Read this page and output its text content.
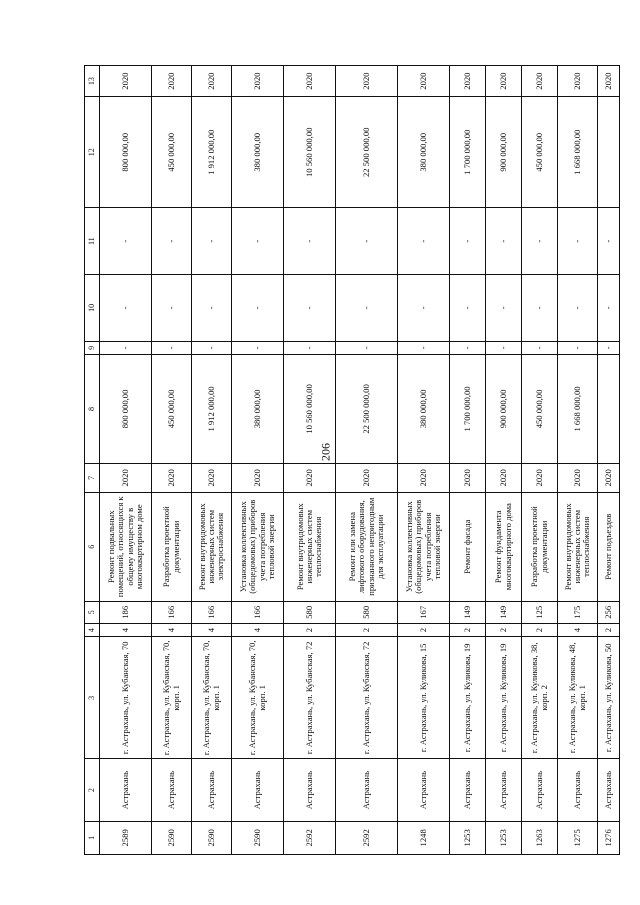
206
1	2	3	4	5	6	7	8	9	10	11	12	13
2589	Астрахань	г. Астрахань, ул. Кубанская, 70	4	186	Ремонт подвальных помещений, относящихся к общему имуществу в многоквартирном доме	2020	800 000,00	-	-	-	800 000,00	2020
2590	Астрахань	г. Астрахань, ул. Кубанская, 70, корп. 1	4	166	Разработка проектной документации	2020	450 000,00	-	-	-	450 000,00	2020
2590	Астрахань	г. Астрахань, ул. Кубанская, 70, корп. 1	4	166	Ремонт внутридомовых инженерных систем электроснабжения	2020	1 912 000,00	-	-	-	1 912 000,00	2020
2590	Астрахань	г. Астрахань, ул. Кубанская, 70, корп. 1	4	166	Установка коллективных (общедомовых) приборов учета потребления тепловой энергии	2020	380 000,00	-	-	-	380 000,00	2020
2592	Астрахань	г. Астрахань, ул. Кубанская, 72	2	580	Ремонт внутридомовых инженерных систем теплоснабжения	2020	10 560 000,00	-	-	-	10 560 000,00	2020
2592	Астрахань	г. Астрахань, ул. Кубанская, 72	2	580	Ремонт или замена лифтового оборудования, признанного непригодным для эксплуатации	2020	22 500 000,00	-	-	-	22 500 000,00	2020
1248	Астрахань	г. Астрахань, ул. Куликова, 15	2	167	Установка коллективных (общедомовых) приборов учета потребления тепловой энергии	2020	380 000,00	-	-	-	380 000,00	2020
1253	Астрахань	г. Астрахань, ул. Куликова, 19	2	149	Ремонт фасада	2020	1 700 000,00	-	-	-	1 700 000,00	2020
1253	Астрахань	г. Астрахань, ул. Куликова, 19	2	149	Ремонт фундамента многоквартирного дома	2020	900 000,00	-	-	-	900 000,00	2020
1263	Астрахань	г. Астрахань, ул. Куликова, 38, корп. 2	2	125	Разработка проектной документации	2020	450 000,00	-	-	-	450 000,00	2020
1275	Астрахань	г. Астрахань, ул. Куликова, 48, корп. 1	4	175	Ремонт внутридомовых инженерных систем теплоснабжения	2020	1 668 000,00	-	-	-	1 668 000,00	2020
1276	Астрахань	г. Астрахань, ул. Куликова, 50	2	256	Ремонт подъездов	2020		-	-	-		2020
